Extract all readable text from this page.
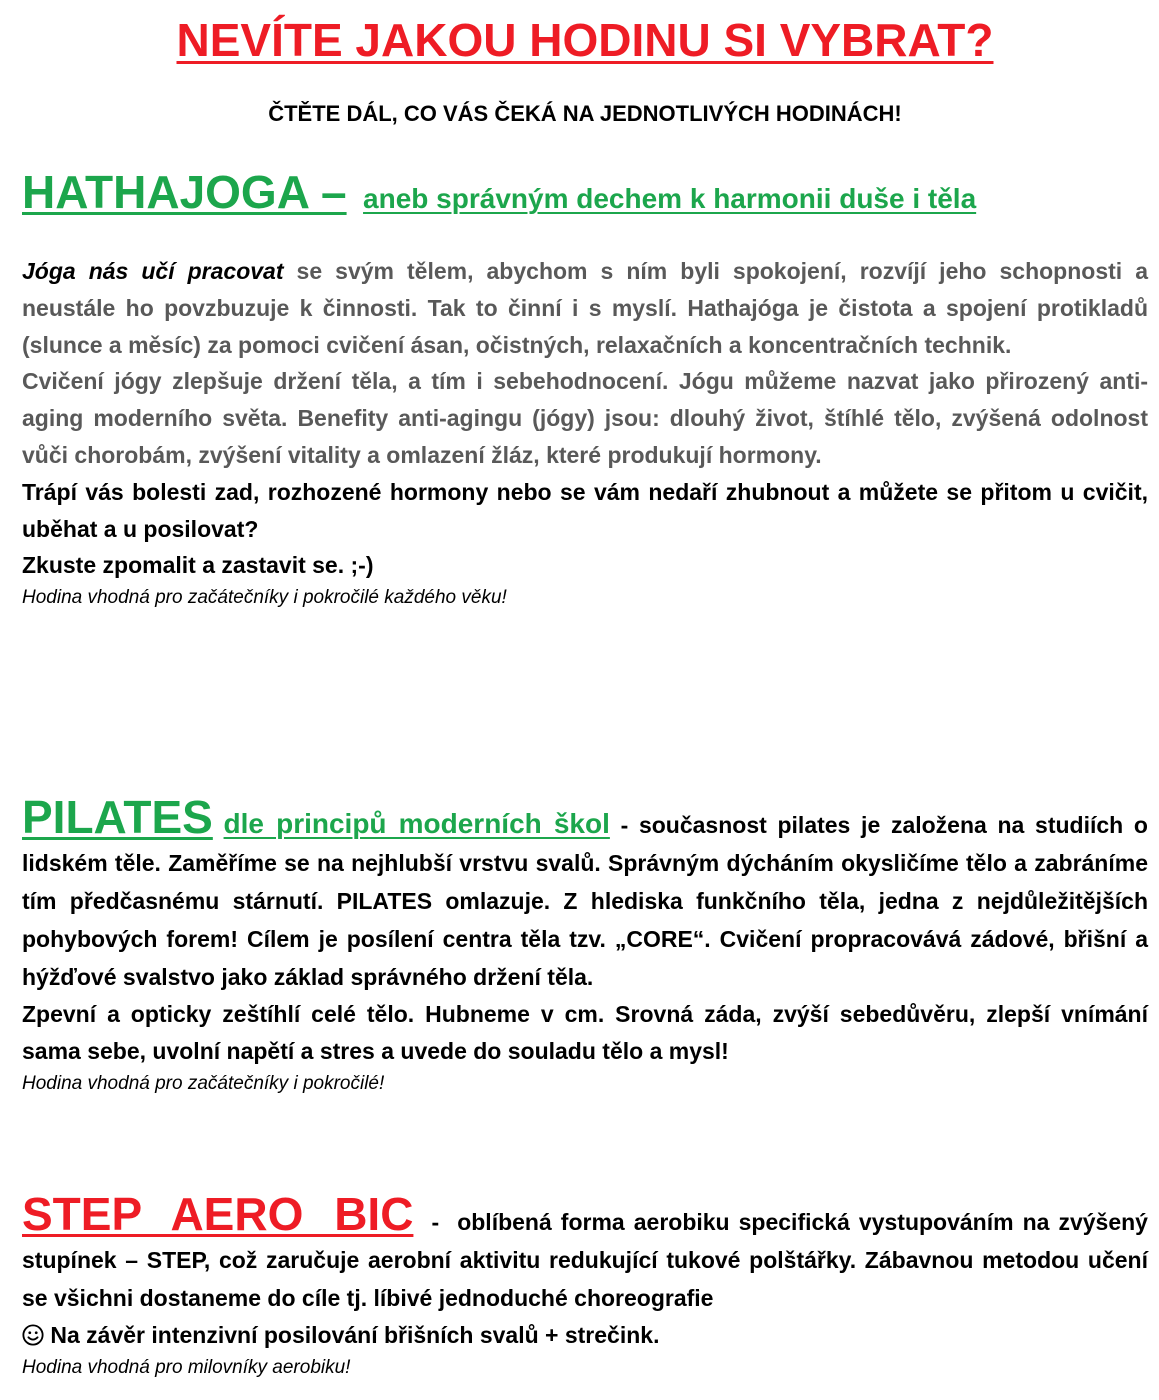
NEVÍTE JAKOU HODINU SI VYBRAT?
ČTĚTE DÁL, CO VÁS ČEKÁ NA JEDNOTLIVÝCH HODINÁCH!
HATHAJOGA – aneb správným dechem k harmonii duše i těla

Jóga nás učí pracovat se svým tělem, abychom s ním byli spokojení, rozvíjí jeho schopnosti a neustále ho povzbuzuje k činnosti. Tak to činní i s myslí. Hathajóga je čistota a spojení protikladů (slunce a měsíc) za pomoci cvičení ásan, očistných, relaxačních a koncentračních technik.

Cvičení jógy zlepšuje držení těla, a tím i sebehodnocení. Jógu můžeme nazvat jako přirozený anti-aging moderního světa. Benefity anti-agingu (jógy) jsou: dlouhý život, štíhlé tělo, zvýšená odolnost vůči chorobám, zvýšení vitality a omlazení žláz, které produkují hormony.

Trápí vás bolesti zad, rozhozené hormony nebo se vám nedaří zhubnout a můžete se přitom u cvičit, uběhat a u posilovat?

Zkuste zpomalit a zastavit se. ;-)

Hodina vhodná pro začátečníky i pokročilé každého věku!

PILATES dle principů moderních škol - současnost pilates je založena na studiích o lidském těle. Zaměříme se na nejhlubší vrstvu svalů. Správným dýcháním okysličíme tělo a zabráníme tím předčasnému stárnutí. PILATES omlazuje. Z hlediska funkčního těla, jedna z nejdůležitějších pohybových forem! Cílem je posílení centra těla tzv. „CORE“. Cvičení propracovává zádové, břišní a hýžďové svalstvo jako základ správného držení těla.

Zpevní a opticky zeštíhlí celé tělo. Hubneme v cm. Srovná záda, zvýší sebedůvěru, zlepší vnímání sama sebe, uvolní napětí a stres a uvede do souladu tělo a mysl!

Hodina vhodná pro začátečníky i pokročilé!

STEP  AERO  BIC  -  oblíbená forma aerobiku specifická vystupováním na zvýšený stupínek – STEP, což zaručuje aerobní aktivitu redukující tukové polštářky. Zábavnou metodou učení se všichni dostaneme do cíle tj. líbivé jednoduché choreografie

Na závěr intenzivní posilování břišních svalů + strečink.

Hodina vhodná pro milovníky aerobiku!
